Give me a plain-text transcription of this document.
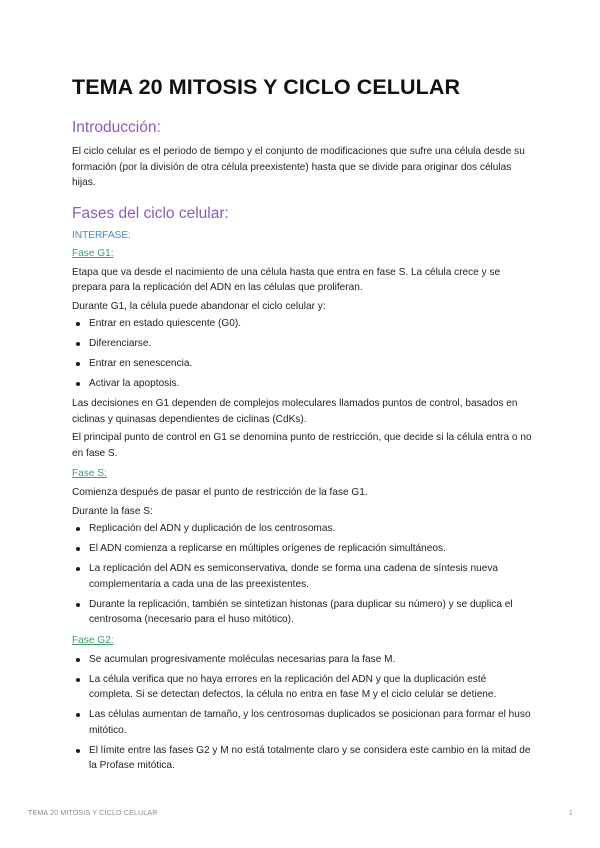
TEMA 20 MITOSIS Y CICLO CELULAR
Introducción:

El ciclo celular es el periodo de tiempo y el conjunto de modificaciones que sufre una célula desde su formación (por la división de otra célula preexistente) hasta que se divide para originar dos células hijas.

Fases del ciclo celular:
INTERFASE:
Fase G1:

Etapa que va desde el nacimiento de una célula hasta que entra en fase S. La célula crece y se prepara para la replicación del ADN en las células que proliferan.

Durante G1, la célula puede abandonar el ciclo celular y:

Entrar en estado quiescente (G0).
Diferenciarse.
Entrar en senescencia.
Activar la apoptosis.

Las decisiones en G1 dependen de complejos moleculares llamados puntos de control, basados en ciclinas y quinasas dependientes de ciclinas (CdKs).

El principal punto de control en G1 se denomina punto de restricción, que decide si la célula entra o no en fase S.

Fase S:

Comienza después de pasar el punto de restricción de la fase G1.

Durante la fase S:

Replicación del ADN y duplicación de los centrosomas.
El ADN comienza a replicarse en múltiples orígenes de replicación simultáneos.
La replicación del ADN es semiconservativa, donde se forma una cadena de síntesis nueva complementaria a cada una de las preexistentes.
Durante la replicación, también se sintetizan histonas (para duplicar su número) y se duplica el centrosoma (necesario para el huso mitótico).
Fase G2:
Se acumulan progresivamente moléculas necesarias para la fase M.
La célula verifica que no haya errores en la replicación del ADN y que la duplicación esté completa. Si se detectan defectos, la célula no entra en fase M y el ciclo celular se detiene.
Las células aumentan de tamaño, y los centrosomas duplicados se posicionan para formar el huso mitótico.
El límite entre las fases G2 y M no está totalmente claro y se considera este cambio en la mitad de la Profase mitótica.
TEMA 20 MITOSIS Y CICLO CELULAR	1
